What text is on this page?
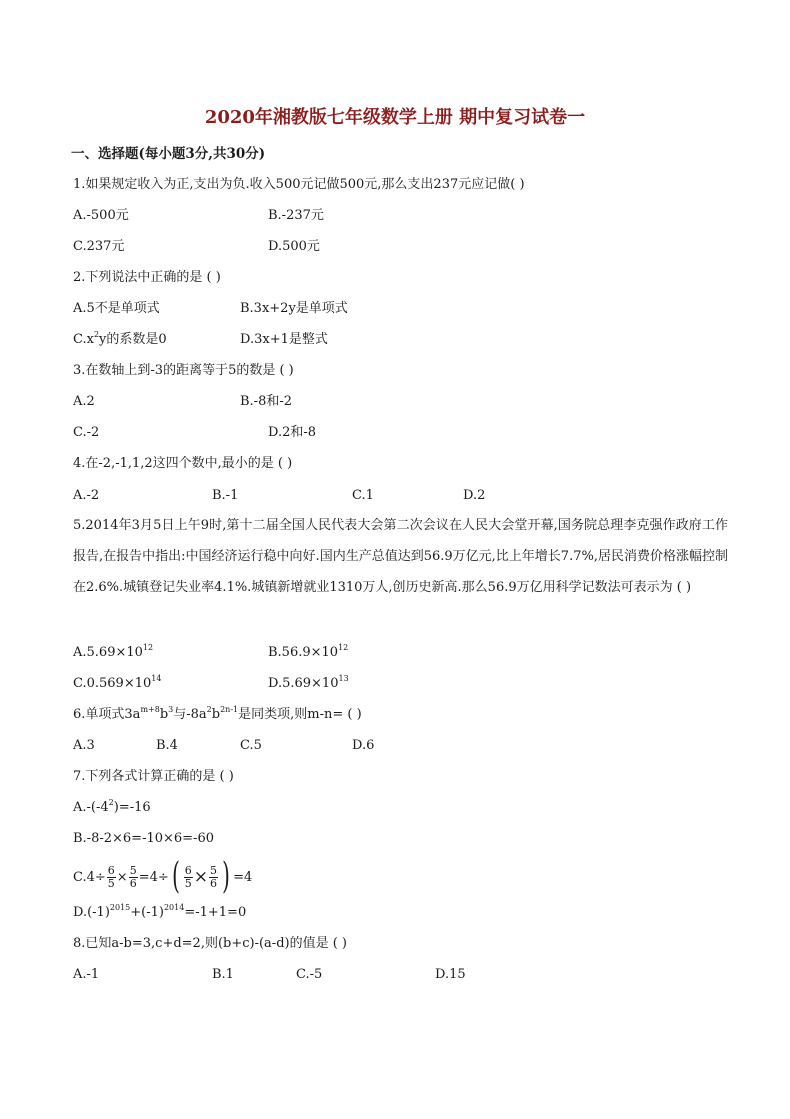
2020年湘教版七年级数学上册 期中复习试卷一
一、选择题(每小题3分,共30分)
1.如果规定收入为正,支出为负.收入500元记做500元,那么支出237元应记做( )
A.-500元	B.-237元
C.237元	D.500元
2.下列说法中正确的是 ( )
A.5不是单项式	B.3x+2y是单项式
$C.x^2y$的系数是0	D.3x+1是整式
3.在数轴上到-3的距离等于5的数是 ( )
A.2	B.-8和-2
C.-2	D.2和-8
4.在-2,-1,1,2这四个数中,最小的是 ( )
A.-2	B.-1	C.1	D.2
5.2014年3月5日上午9时,第十二届全国人民代表大会第二次会议在人民大会堂开幕,国务院总理李克强作政府工作报告,在报告中指出:中国经济运行稳中向好.国内生产总值达到56.9万亿元,比上年增长7.7%,居民消费价格涨幅控制在2.6%.城镇登记失业率4.1%.城镇新增就业1310万人,创历史新高.那么56.9万亿用科学记数法可表示为 ( )
$A.5.69\times 10^{12}$	$B.56.9\times 10^{12}$
$C.0.569\times 10^{14}$	$D.5.69\times 10^{13}$
6.单项式$3a^{m+8}b^3$与$-8a^2b^{2n-1}$是同类项,则m-n= ( )
A.3	B.4	C.5	D.6
7.下列各式计算正确的是 ( )
$A.-(-4^2)=-16$
B.-8-2×6=-10×6=-60
$C.4\div \frac{6}{5} \times \frac{5}{6} =4\div$ ( $\frac{6}{5} \times \frac{5}{6}$ ) =4
$D.(-1)^{2015}+(-1)^{2014}=-1+1=0$
8.已知a-b=3,c+d=2,则(b+c)-(a-d)的值是 ( )
A.-1	B.1	C.-5	D.15
